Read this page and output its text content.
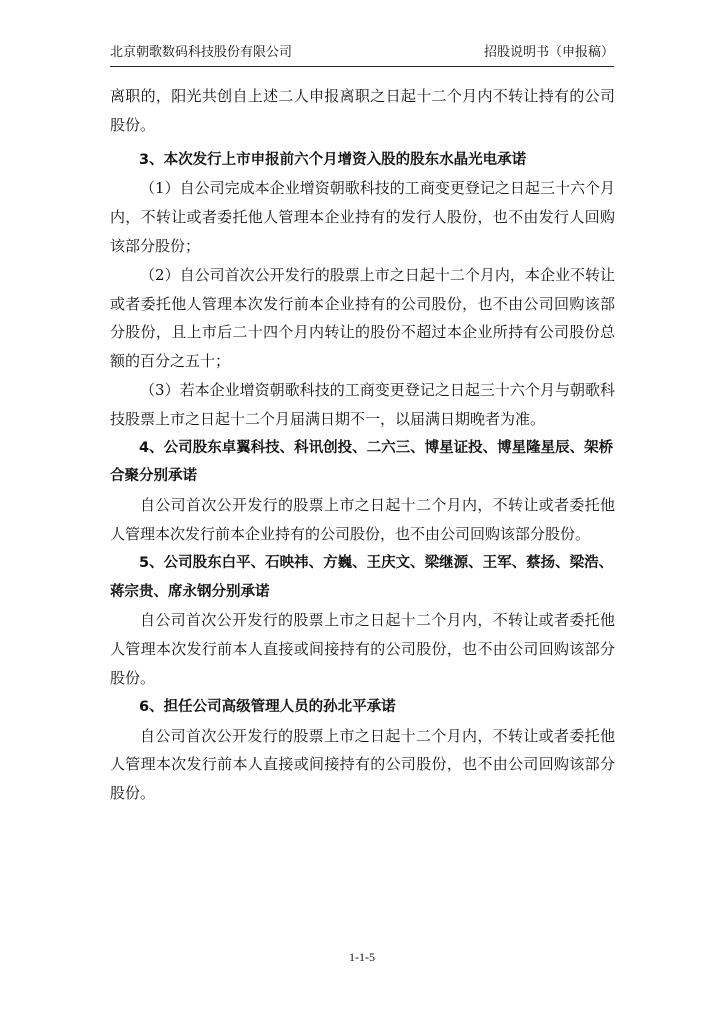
北京朝歌数码科技股份有限公司	招股说明书（申报稿）

离职的，阳光共创自上述二人申报离职之日起十二个月内不转让持有的公司股份。

3、本次发行上市申报前六个月增资入股的股东水晶光电承诺

（1）自公司完成本企业增资朝歌科技的工商变更登记之日起三十六个月内，不转让或者委托他人管理本企业持有的发行人股份，也不由发行人回购该部分股份；

（2）自公司首次公开发行的股票上市之日起十二个月内，本企业不转让或者委托他人管理本次发行前本企业持有的公司股份，也不由公司回购该部分股份，且上市后二十四个月内转让的股份不超过本企业所持有公司股份总额的百分之五十；

（3）若本企业增资朝歌科技的工商变更登记之日起三十六个月与朝歌科技股票上市之日起十二个月届满日期不一，以届满日期晚者为准。

4、公司股东卓翼科技、科讯创投、二六三、博星证投、博星隆星辰、架桥合聚分别承诺

自公司首次公开发行的股票上市之日起十二个月内，不转让或者委托他人管理本次发行前本企业持有的公司股份，也不由公司回购该部分股份。

5、公司股东白平、石映祎、方巍、王庆文、梁继源、王军、蔡扬、梁浩、蒋宗贵、席永钢分别承诺

自公司首次公开发行的股票上市之日起十二个月内，不转让或者委托他人管理本次发行前本人直接或间接持有的公司股份，也不由公司回购该部分股份。

6、担任公司高级管理人员的孙北平承诺

自公司首次公开发行的股票上市之日起十二个月内，不转让或者委托他人管理本次发行前本人直接或间接持有的公司股份，也不由公司回购该部分股份。

1-1-5
